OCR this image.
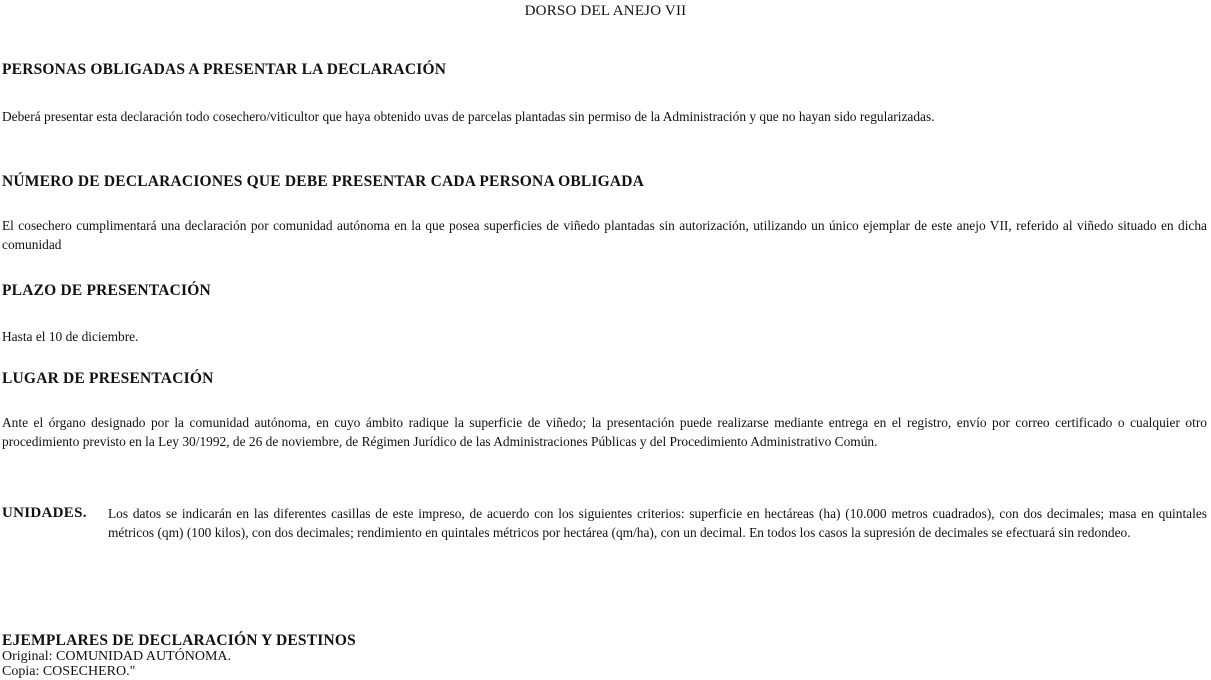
DORSO DEL ANEJO VII
PERSONAS OBLIGADAS A PRESENTAR LA DECLARACIÓN
Deberá presentar esta declaración todo cosechero/viticultor que haya obtenido uvas de parcelas plantadas sin permiso de la Administración y que no hayan sido regularizadas.
NÚMERO DE DECLARACIONES QUE DEBE PRESENTAR CADA PERSONA OBLIGADA
El cosechero cumplimentará una declaración por comunidad autónoma en la que posea superficies de viñedo plantadas sin autorización, utilizando un único ejemplar de este anejo VII, referido al viñedo situado en dicha comunidad
PLAZO DE PRESENTACIÓN
Hasta el 10 de diciembre.
LUGAR DE PRESENTACIÓN
Ante el órgano designado por la comunidad autónoma, en cuyo ámbito radique la superficie de viñedo; la presentación puede realizarse mediante entrega en el registro, envío por correo certificado o cualquier otro procedimiento previsto en la Ley 30/1992, de 26 de noviembre, de Régimen Jurídico de las Administraciones Públicas y del Procedimiento Administrativo Común.
UNIDADES. Los datos se indicarán en las diferentes casillas de este impreso, de acuerdo con los siguientes criterios: superficie en hectáreas (ha) (10.000 metros cuadrados), con dos decimales; masa en quintales métricos (qm) (100 kilos), con dos decimales; rendimiento en quintales métricos por hectárea (qm/ha), con un decimal. En todos los casos la supresión de decimales se efectuará sin redondeo.
EJEMPLARES DE DECLARACIÓN Y DESTINOS
Original: COMUNIDAD AUTÓNOMA.
Copia: COSECHERO."
